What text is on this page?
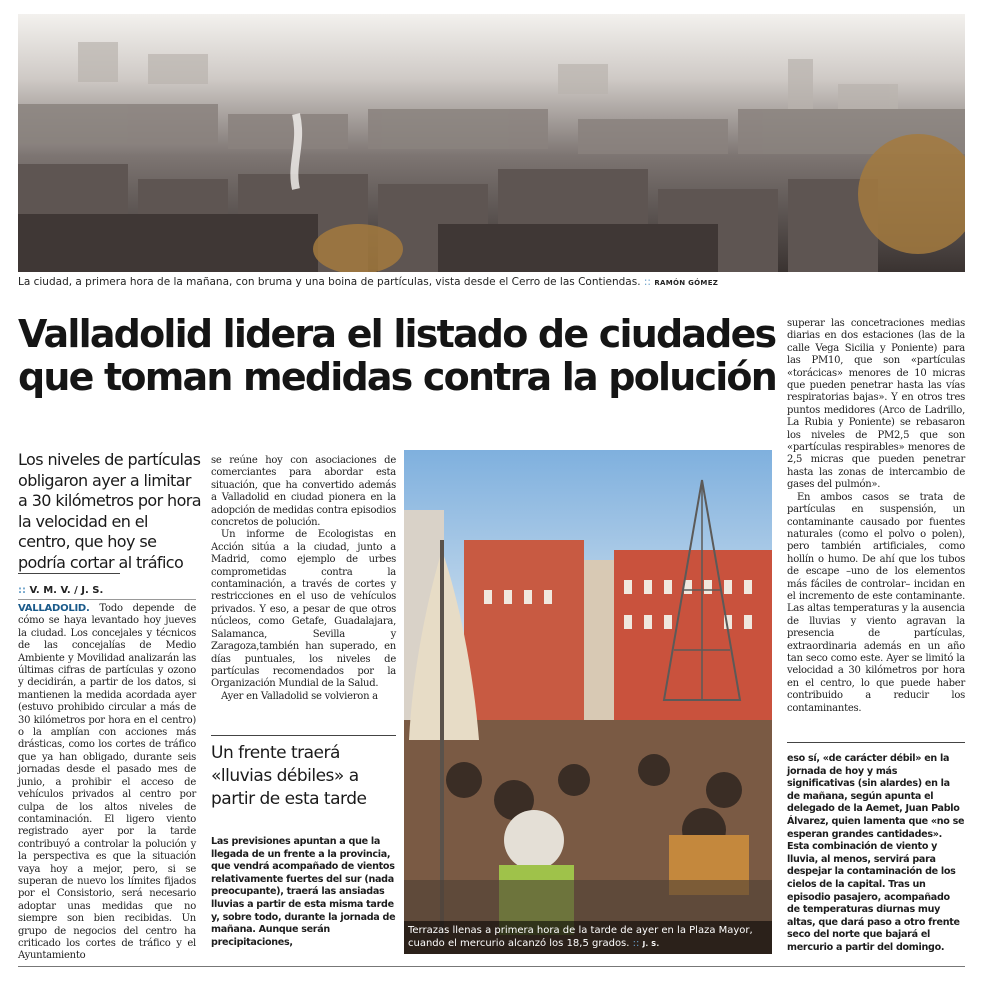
La ciudad, a primera hora de la mañana, con bruma y una boina de partículas, vista desde el Cerro de las Contiendas. :: RAMÓN GÓMEZ
Valladolid lidera el listado de ciudades que toman medidas contra la polución

Los niveles de partículas obligaron ayer a limitar a 30 kilómetros por hora la velocidad en el centro, que hoy se podría cortar al tráfico

:: V. M. V. / J. S.

VALLADOLID. Todo depende de cómo se haya levantado hoy jueves la ciudad. Los concejales y técnicos de las concejalías de Medio Ambiente y Movilidad analizarán las últimas cifras de partículas y ozono y decidirán, a partir de los datos, si mantienen la medida acordada ayer (estuvo prohibido circular a más de 30 kilómetros por hora en el centro) o la amplían con acciones más drásticas, como los cortes de tráfico que ya han obligado, durante seis jornadas desde el pasado mes de junio, a prohibir el acceso de vehículos privados al centro por culpa de los altos niveles de contaminación. El ligero viento registrado ayer por la tarde contribuyó a controlar la polución y la perspectiva es que la situación vaya hoy a mejor, pero, si se superan de nuevo los límites fijados por el Consistorio, será necesario adoptar unas medidas que no siempre son bien recibidas. Un grupo de negocios del centro ha criticado los cortes de tráfico y el Ayuntamiento

se reúne hoy con asociaciones de comerciantes para abordar esta situación, que ha convertido además a Valladolid en ciudad pionera en la adopción de medidas contra episodios concretos de polución.

Un informe de Ecologistas en Acción sitúa a la ciudad, junto a Madrid, como ejemplo de urbes comprometidas contra la contaminación, a través de cortes y restricciones en el uso de vehículos privados. Y eso, a pesar de que otros núcleos, como Getafe, Guadalajara, Salamanca, Sevilla y Zaragoza,también han superado, en días puntuales, los niveles de partículas recomendados por la Organización Mundial de la Salud.

Ayer en Valladolid se volvieron a

Terrazas llenas a primera hora de la tarde de ayer en la Plaza Mayor, cuando el mercurio alcanzó los 18,5 grados. :: J. S.
Un frente traerá «lluvias débiles» a partir de esta tarde

Las previsiones apuntan a que la llegada de un frente a la provincia, que vendrá acompañado de vientos relativamente fuertes del sur (nada preocupante), traerá las ansiadas lluvias a partir de esta misma tarde y, sobre todo, durante la jornada de mañana. Aunque serán precipitaciones,

eso sí, «de carácter débil» en la jornada de hoy y más significativas (sin alardes) en la de mañana, según apunta el delegado de la Aemet, Juan Pablo Álvarez, quien lamenta que «no se esperan grandes cantidades». Esta combinación de viento y lluvia, al menos, servirá para despejar la contaminación de los cielos de la capital. Tras un episodio pasajero, acompañado de temperaturas diurnas muy altas, que dará paso a otro frente seco del norte que bajará el mercurio a partir del domingo.

superar las concetraciones medias diarias en dos estaciones (las de la calle Vega Sicilia y Poniente) para las PM10, que son «partículas «torácicas» menores de 10 micras que pueden penetrar hasta las vías respiratorias bajas». Y en otros tres puntos medidores (Arco de Ladrillo, La Rubia y Poniente) se rebasaron los niveles de PM2,5 que son «partículas respirables» menores de 2,5 micras que pueden penetrar hasta las zonas de intercambio de gases del pulmón».

En ambos casos se trata de partículas en suspensión, un contaminante causado por fuentes naturales (como el polvo o polen), pero también artificiales, como hollín o humo. De ahí que los tubos de escape –uno de los elementos más fáciles de controlar– incidan en el incremento de este contaminante. Las altas temperaturas y la ausencia de lluvias y viento agravan la presencia de partículas, extraordinaria además en un año tan seco como este. Ayer se limitó la velocidad a 30 kilómetros por hora en el centro, lo que puede haber contribuido a reducir los contaminantes.
